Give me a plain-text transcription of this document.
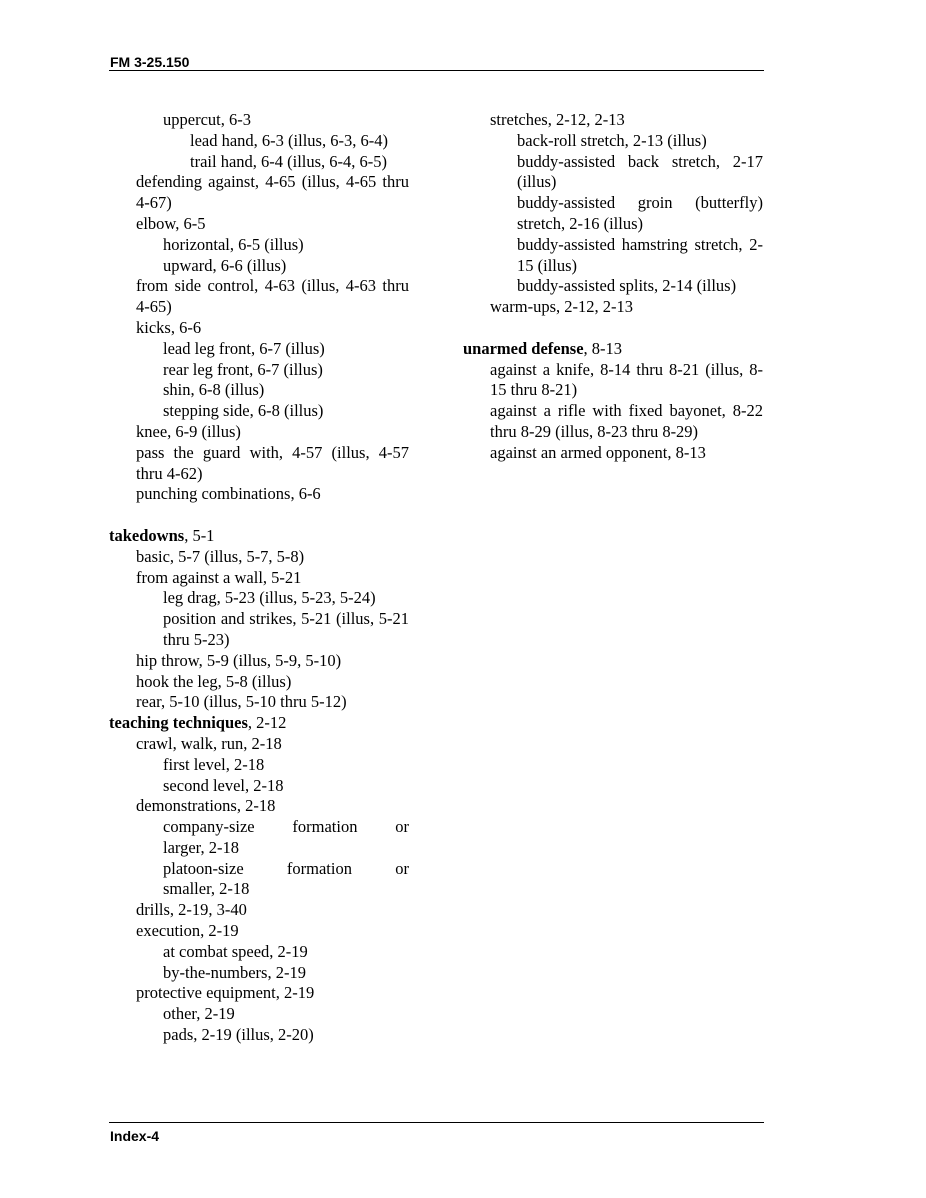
FM 3-25.150
uppercut, 6-3
lead hand, 6-3 (illus, 6-3, 6-4)
trail hand, 6-4 (illus, 6-4, 6-5)
defending against, 4-65 (illus, 4-65 thru 4-67)
elbow, 6-5
horizontal, 6-5 (illus)
upward, 6-6 (illus)
from side control, 4-63 (illus, 4-63 thru 4-65)
kicks, 6-6
lead leg front, 6-7 (illus)
rear leg front, 6-7 (illus)
shin, 6-8 (illus)
stepping side, 6-8 (illus)
knee, 6-9 (illus)
pass the guard with, 4-57 (illus, 4-57 thru 4-62)
punching combinations, 6-6
takedowns, 5-1
basic, 5-7 (illus, 5-7, 5-8)
from against a wall, 5-21
leg drag, 5-23 (illus, 5-23, 5-24)
position and strikes, 5-21 (illus, 5-21 thru 5-23)
hip throw, 5-9 (illus, 5-9, 5-10)
hook the leg, 5-8 (illus)
rear, 5-10 (illus, 5-10 thru 5-12)
teaching techniques, 2-12
crawl, walk, run, 2-18
first level, 2-18
second level, 2-18
demonstrations, 2-18
company-size formation or
larger, 2-18
platoon-size	formation	or
smaller, 2-18
drills, 2-19, 3-40
execution, 2-19
at combat speed, 2-19
by-the-numbers, 2-19
protective equipment, 2-19
other, 2-19
pads, 2-19 (illus, 2-20)
stretches, 2-12, 2-13
back-roll stretch, 2-13 (illus)
buddy-assisted back stretch, 2-17 (illus)
buddy-assisted groin (butterfly) stretch, 2-16 (illus)
buddy-assisted hamstring stretch, 2-15 (illus)
buddy-assisted splits, 2-14 (illus)
warm-ups, 2-12, 2-13
unarmed defense, 8-13
against a knife, 8-14 thru 8-21 (illus, 8-15 thru 8-21)
against a rifle with fixed bayonet, 8-22 thru 8-29 (illus, 8-23 thru 8-29)
against an armed opponent, 8-13
Index-4
